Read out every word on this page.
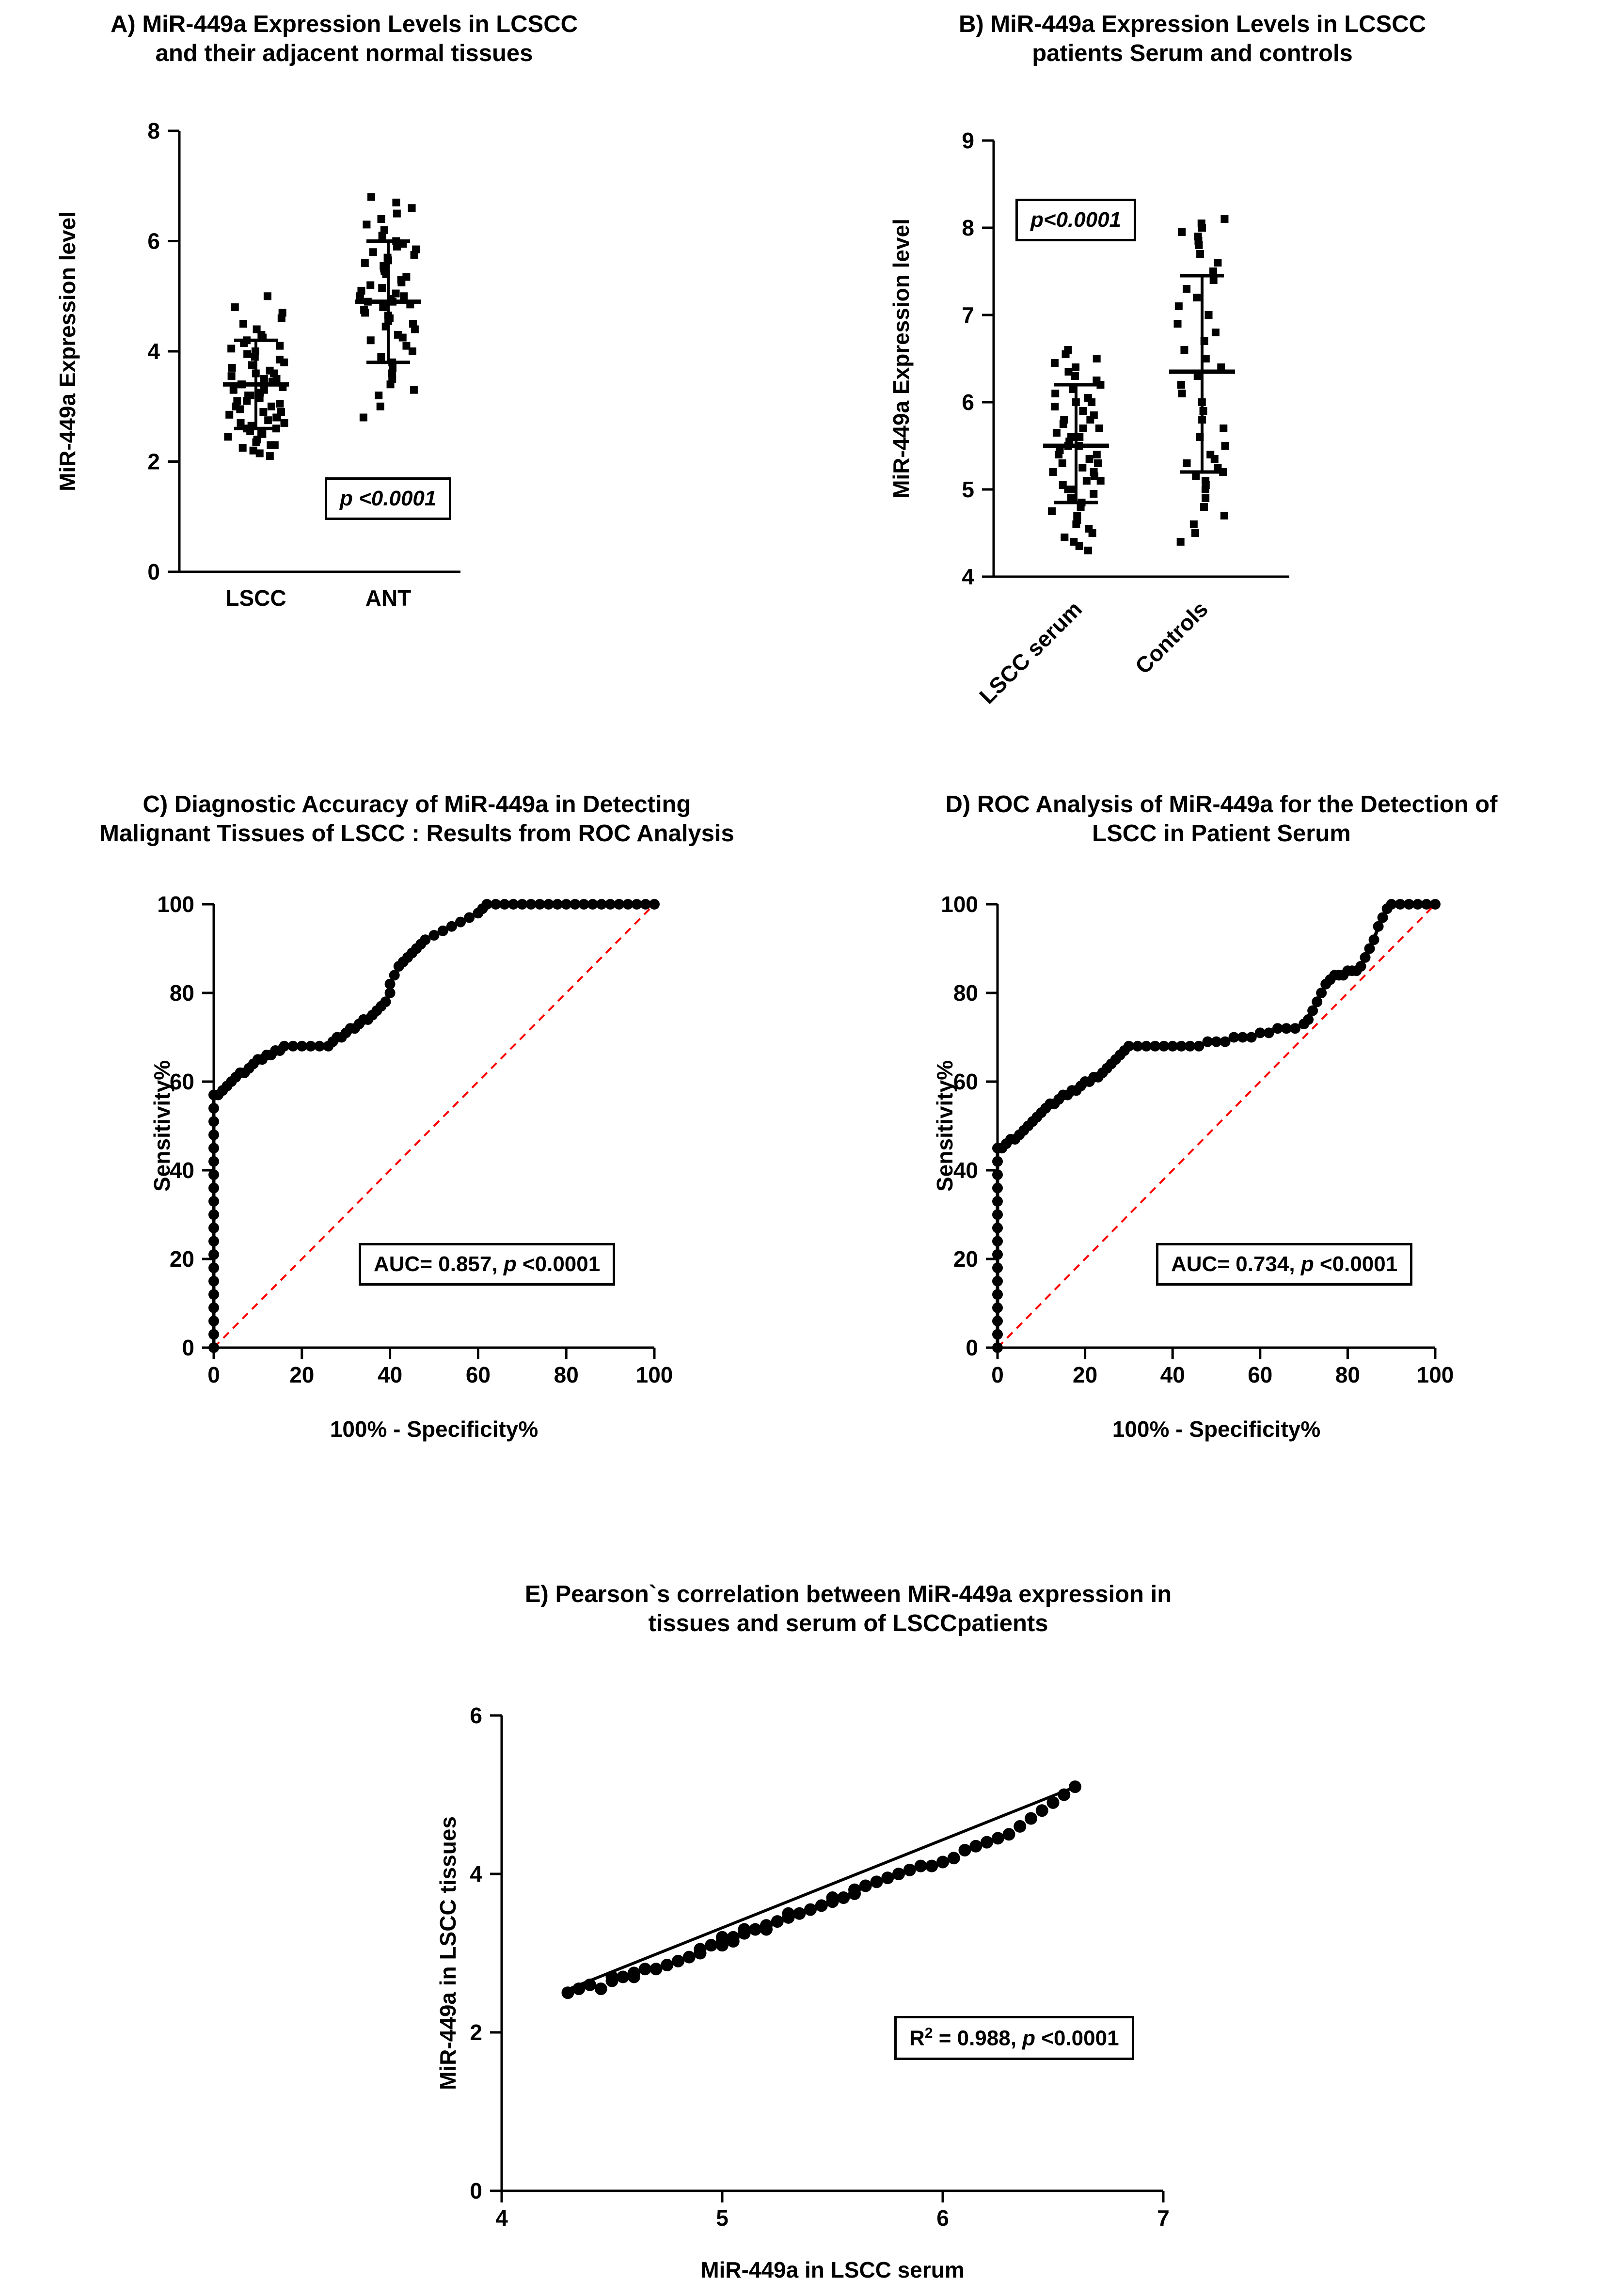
A) MiR-449a Expression Levels in LCSCC
and their adjacent normal tissues
0
2
4
6
8
MiR-449a Expression level
LSCC	ANT
p <0.0001
B) MiR-449a Expression Levels in LCSCC
patients Serum and controls
4
5
6
7
8
9
MiR-449a Expression level
LSCC serum Controls
p<0.0001
C) Diagnostic Accuracy of MiR-449a in Detecting
Malignant Tissues of LSCC : Results from ROC Analysis
0
20
40
60
80
100
0	20	40	60	80	100
Sensitivity%
100% - Specificity%
AUC= 0.857, p <0.0001
D) ROC Analysis of MiR-449a for the Detection of
LSCC in Patient Serum
0
20
40
60
80
100
0	20	40	60	80	100
Sensitivity%
100% - Specificity%
AUC= 0.734, p <0.0001
E) Pearson`s correlation between MiR-449a expression in
tissues and serum of LSCCpatients
0
2
4
6
4	5	6	7
MiR-449a in LSCC tissues
MiR-449a in LSCC serum
$R^2 = 0.988$, p <0.0001
